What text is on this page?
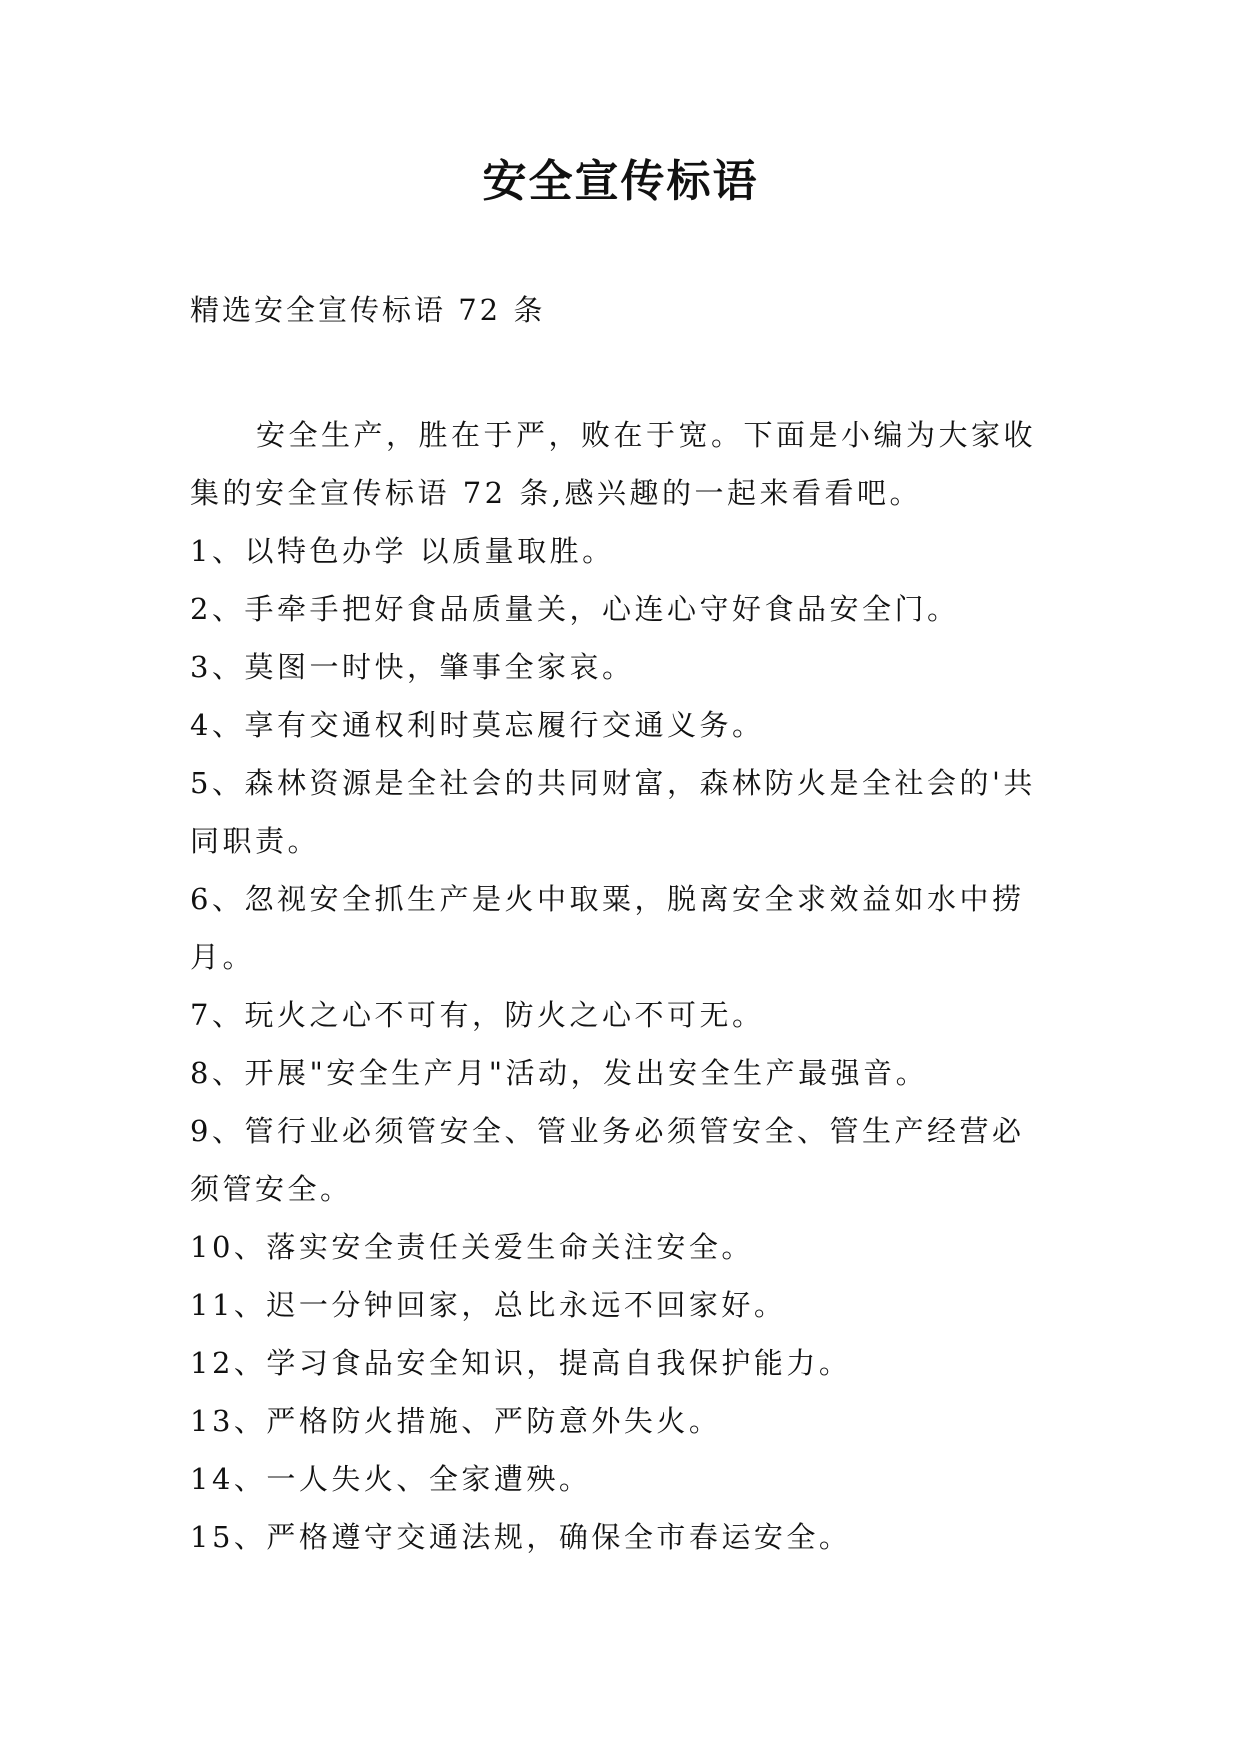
安全宣传标语
精选安全宣传标语 72 条

安全生产，胜在于严，败在于宽。下面是小编为大家收集的安全宣传标语 72 条,感兴趣的一起来看看吧。

1、以特色办学 以质量取胜。

2、手牵手把好食品质量关，心连心守好食品安全门。

3、莫图一时快，肇事全家哀。

4、享有交通权利时莫忘履行交通义务。

5、森林资源是全社会的共同财富，森林防火是全社会的'共同职责。

6、忽视安全抓生产是火中取粟，脱离安全求效益如水中捞月。

7、玩火之心不可有，防火之心不可无。

8、开展"安全生产月"活动，发出安全生产最强音。

9、管行业必须管安全、管业务必须管安全、管生产经营必须管安全。

10、落实安全责任关爱生命关注安全。

11、迟一分钟回家，总比永远不回家好。

12、学习食品安全知识，提高自我保护能力。

13、严格防火措施、严防意外失火。

14、一人失火、全家遭殃。

15、严格遵守交通法规，确保全市春运安全。
